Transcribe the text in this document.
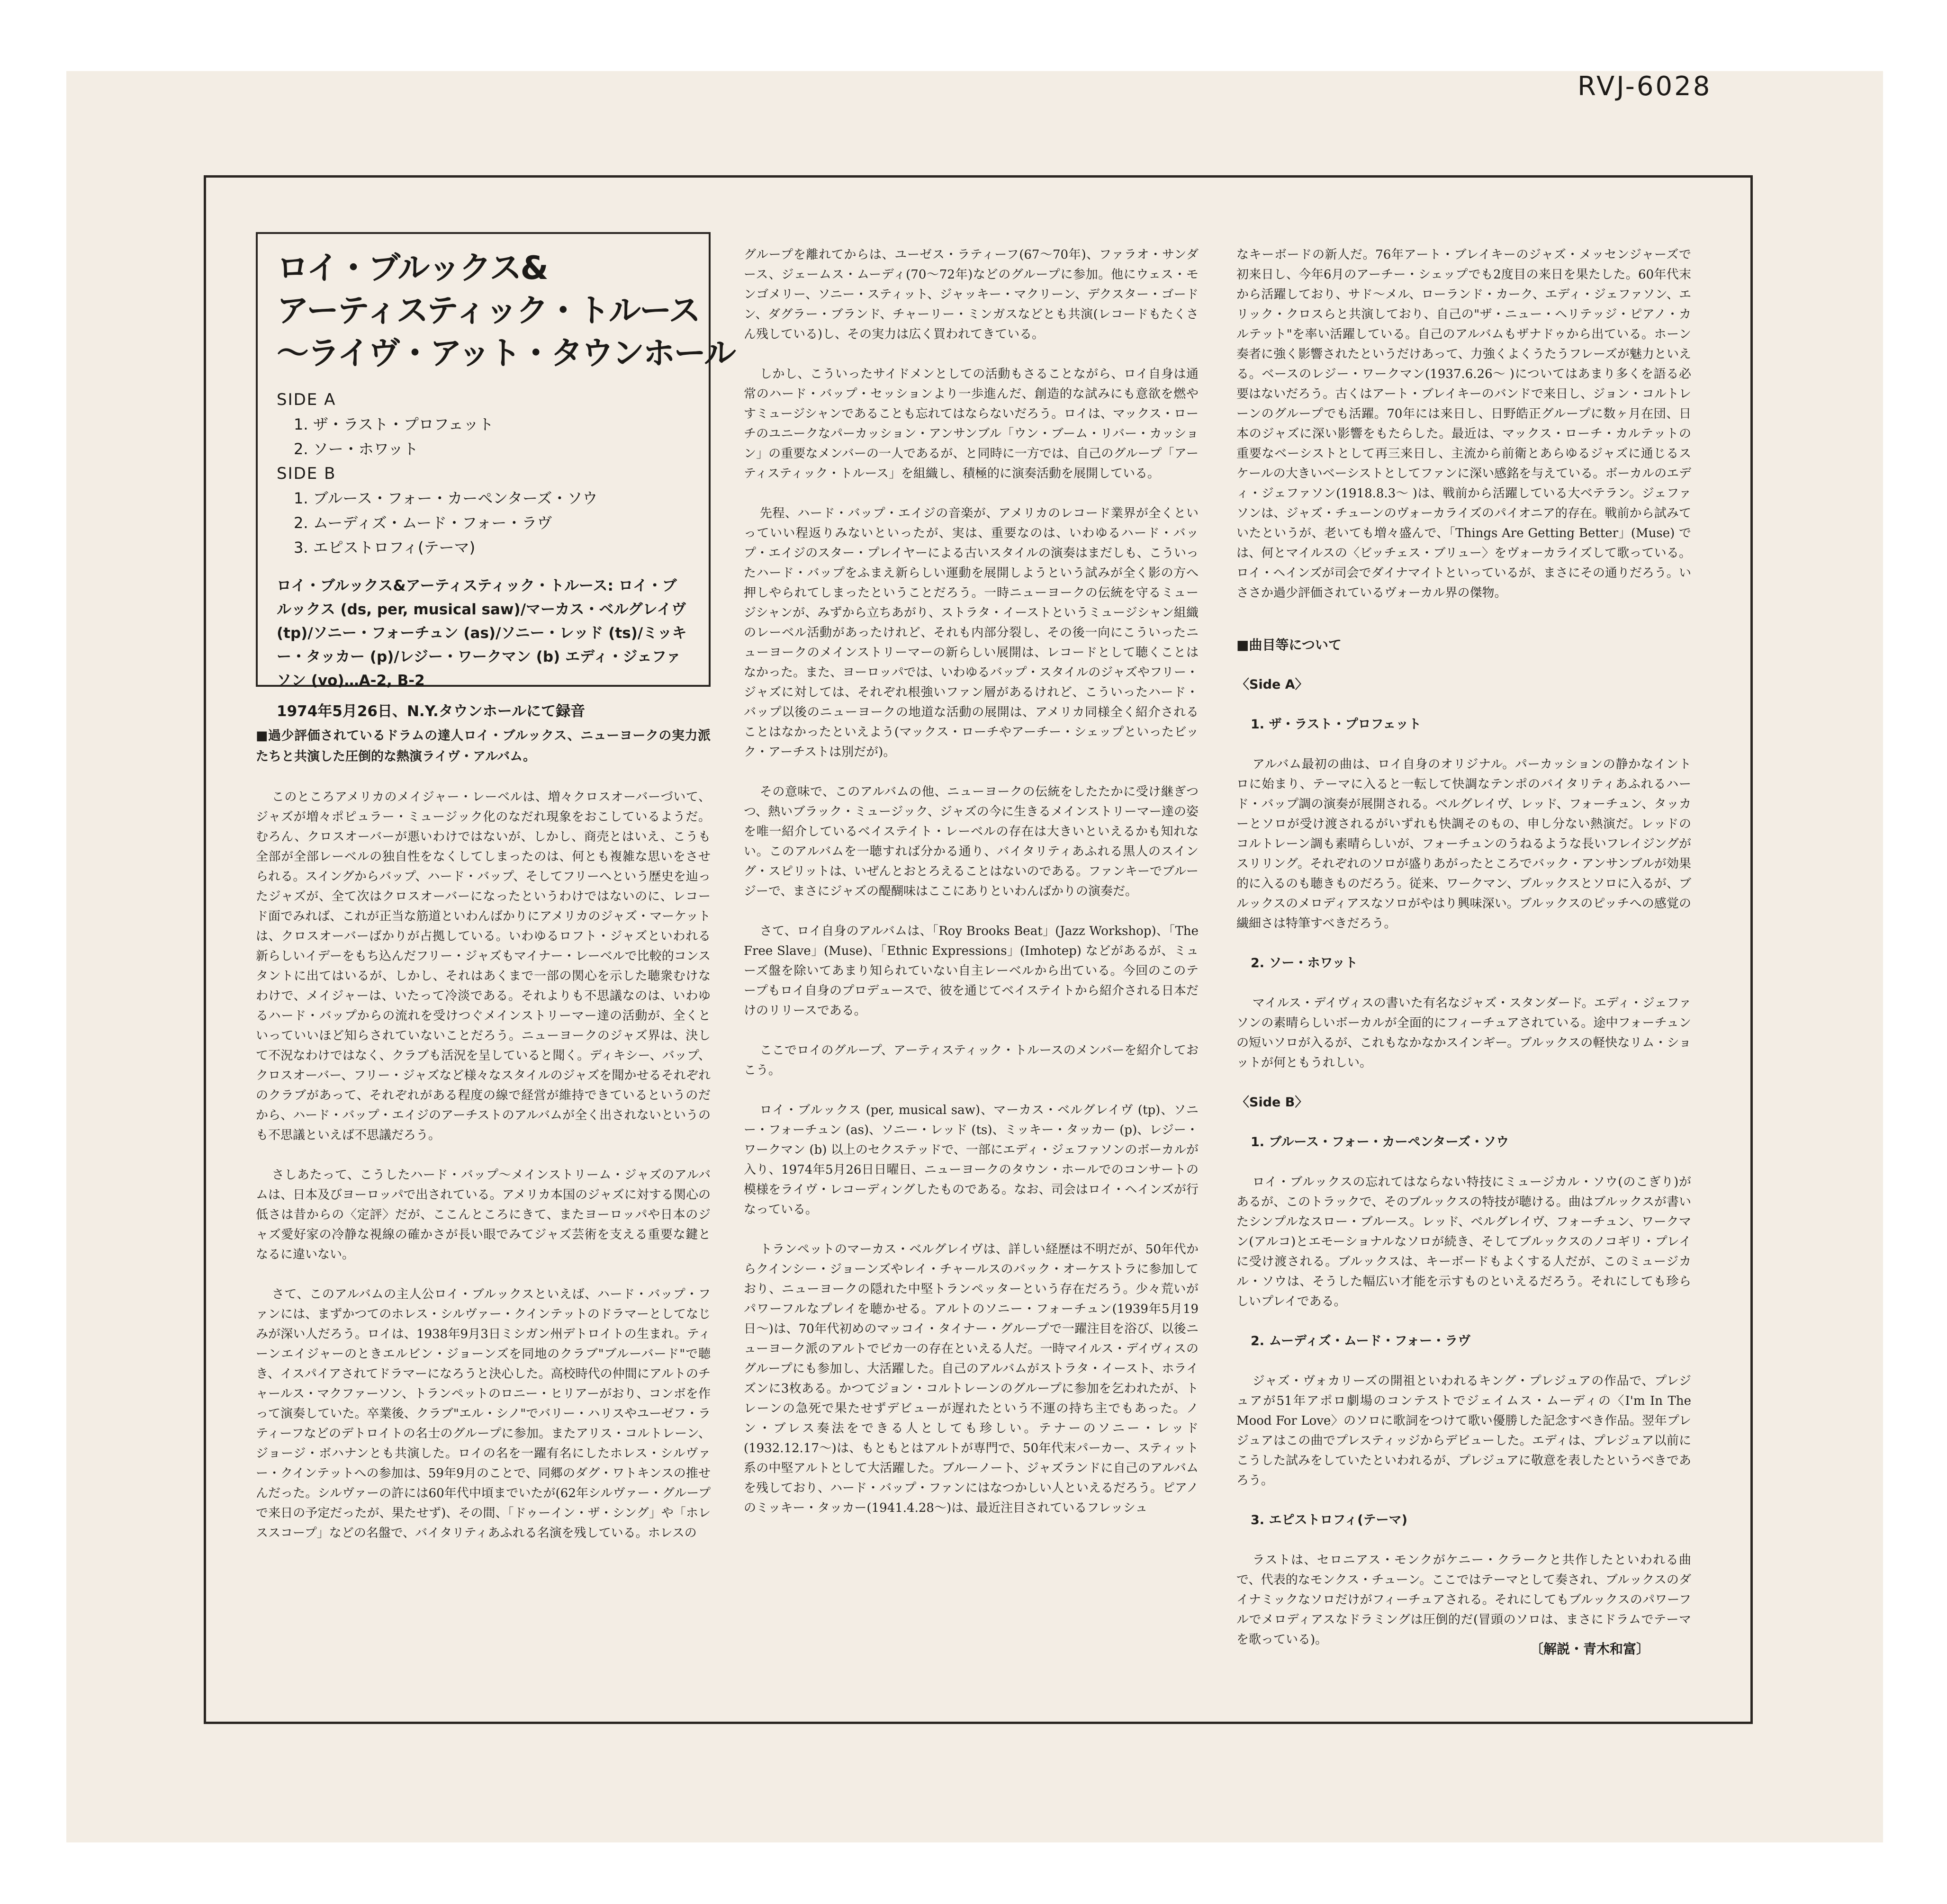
RVJ-6028
ロイ・ブルックス&
アーティスティック・トルース
〜ライヴ・アット・タウンホール
SIDE A
1. ザ・ラスト・プロフェット
2. ソー・ホワット
SIDE B
1. ブルース・フォー・カーペンターズ・ソウ
2. ムーディズ・ムード・フォー・ラヴ
3. エピストロフィ(テーマ)
ロイ・ブルックス&アーティスティック・トルース: ロイ・ブルックス (ds, per, musical saw)/マーカス・ベルグレイヴ (tp)/ソニー・フォーチュン (as)/ソニー・レッド (ts)/ミッキー・タッカー (p)/レジー・ワークマン (b) エディ・ジェファソン (vo)…A-2, B-2
1974年5月26日、N.Y.タウンホールにて録音

■過少評価されているドラムの達人ロイ・ブルックス、ニューヨークの実力派たちと共演した圧倒的な熱演ライヴ・アルバム。

このところアメリカのメイジャー・レーベルは、増々クロスオーバーづいて、ジャズが増々ポピュラー・ミュージック化のなだれ現象をおこしているようだ。むろん、クロスオーバーが悪いわけではないが、しかし、商売とはいえ、こうも全部が全部レーベルの独自性をなくしてしまったのは、何とも複雑な思いをさせられる。スイングからバップ、ハード・バップ、そしてフリーへという歴史を辿ったジャズが、全て次はクロスオーバーになったというわけではないのに、レコード面でみれば、これが正当な筋道といわんばかりにアメリカのジャズ・マーケットは、クロスオーバーばかりが占拠している。いわゆるロフト・ジャズといわれる新らしいイデーをもち込んだフリー・ジャズもマイナー・レーベルで比較的コンスタントに出てはいるが、しかし、それはあくまで一部の関心を示した聴衆むけなわけで、メイジャーは、いたって冷淡である。それよりも不思議なのは、いわゆるハード・バップからの流れを受けつぐメインストリーマー達の活動が、全くといっていいほど知らされていないことだろう。ニューヨークのジャズ界は、決して不況なわけではなく、クラブも活況を呈していると聞く。ディキシー、バップ、クロスオーバー、フリー・ジャズなど様々なスタイルのジャズを聞かせるそれぞれのクラブがあって、それぞれがある程度の線で経営が維持できているというのだから、ハード・バップ・エイジのアーチストのアルバムが全く出されないというのも不思議といえば不思議だろう。

さしあたって、こうしたハード・バップ〜メインストリーム・ジャズのアルバムは、日本及びヨーロッパで出されている。アメリカ本国のジャズに対する関心の低さは昔からの〈定評〉だが、ここんところにきて、またヨーロッパや日本のジャズ愛好家の冷静な視線の確かさが長い眼でみてジャズ芸術を支える重要な鍵となるに違いない。

さて、このアルバムの主人公ロイ・ブルックスといえば、ハード・バップ・ファンには、まずかつてのホレス・シルヴァー・クインテットのドラマーとしてなじみが深い人だろう。ロイは、1938年9月3日ミシガン州デトロイトの生まれ。ティーンエイジャーのときエルビン・ジョーンズを同地のクラブ"ブルーバード"で聴き、イスパイアされてドラマーになろうと決心した。高校時代の仲間にアルトのチャールス・マクファーソン、トランペットのロニー・ヒリアーがおり、コンボを作って演奏していた。卒業後、クラブ"エル・シノ"でバリー・ハリスやユーゼフ・ラティーフなどのデトロイトの名士のグループに参加。またアリス・コルトレーン、ジョージ・ボハナンとも共演した。ロイの名を一躍有名にしたホレス・シルヴァー・クインテットへの参加は、59年9月のことで、同郷のダグ・ワトキンスの推せんだった。シルヴァーの許には60年代中頃までいたが(62年シルヴァー・グループで来日の予定だったが、果たせず)、その間、「ドゥーイン・ザ・シング」や「ホレススコープ」などの名盤で、バイタリティあふれる名演を残している。ホレスの

グループを離れてからは、ユーゼス・ラティーフ(67〜70年)、ファラオ・サンダース、ジェームス・ムーディ(70〜72年)などのグループに参加。他にウェス・モンゴメリー、ソニー・スティット、ジャッキー・マクリーン、デクスター・ゴードン、ダグラー・ブランド、チャーリー・ミンガスなどとも共演(レコードもたくさん残している)し、その実力は広く買われてきている。

しかし、こういったサイドメンとしての活動もさることながら、ロイ自身は通常のハード・バップ・セッションより一歩進んだ、創造的な試みにも意欲を燃やすミュージシャンであることも忘れてはならないだろう。ロイは、マックス・ローチのユニークなパーカッション・アンサンブル「ウン・ブーム・リバー・カッション」の重要なメンバーの一人であるが、と同時に一方では、自己のグループ「アーティスティック・トルース」を組織し、積極的に演奏活動を展開している。

先程、ハード・バップ・エイジの音楽が、アメリカのレコード業界が全くといっていい程返りみないといったが、実は、重要なのは、いわゆるハード・バップ・エイジのスター・プレイヤーによる古いスタイルの演奏はまだしも、こういったハード・バップをふまえ新らしい運動を展開しようという試みが全く影の方へ押しやられてしまったということだろう。一時ニューヨークの伝統を守るミュージシャンが、みずから立ちあがり、ストラタ・イーストというミュージシャン組織のレーベル活動があったけれど、それも内部分裂し、その後一向にこういったニューヨークのメインストリーマーの新らしい展開は、レコードとして聴くことはなかった。また、ヨーロッパでは、いわゆるバップ・スタイルのジャズやフリー・ジャズに対しては、それぞれ根強いファン層があるけれど、こういったハード・バップ以後のニューヨークの地道な活動の展開は、アメリカ同様全く紹介されることはなかったといえよう(マックス・ローチやアーチー・シェップといったビック・アーチストは別だが)。

その意味で、このアルバムの他、ニューヨークの伝統をしたたかに受け継ぎつつ、熱いブラック・ミュージック、ジャズの今に生きるメインストリーマー達の姿を唯一紹介しているベイステイト・レーベルの存在は大きいといえるかも知れない。このアルバムを一聴すれば分かる通り、バイタリティあふれる黒人のスイング・スピリットは、いぜんとおとろえることはないのである。ファンキーでブルージーで、まさにジャズの醍醐味はここにありといわんばかりの演奏だ。

さて、ロイ自身のアルバムは、「Roy Brooks Beat」(Jazz Workshop)、「The Free Slave」(Muse)、「Ethnic Expressions」(Imhotep) などがあるが、ミューズ盤を除いてあまり知られていない自主レーベルから出ている。今回のこのテープもロイ自身のプロデュースで、彼を通じてベイステイトから紹介される日本だけのリリースである。

ここでロイのグループ、アーティスティック・トルースのメンバーを紹介しておこう。

ロイ・ブルックス (per, musical saw)、マーカス・ベルグレイヴ (tp)、ソニー・フォーチュン (as)、ソニー・レッド (ts)、ミッキー・タッカー (p)、レジー・ワークマン (b) 以上のセクステッドで、一部にエディ・ジェファソンのボーカルが入り、1974年5月26日日曜日、ニューヨークのタウン・ホールでのコンサートの模様をライヴ・レコーディングしたものである。なお、司会はロイ・ヘインズが行なっている。

トランペットのマーカス・ベルグレイヴは、詳しい経歴は不明だが、50年代からクインシー・ジョーンズやレイ・チャールスのバック・オーケストラに参加しており、ニューヨークの隠れた中堅トランペッターという存在だろう。少々荒いがパワーフルなプレイを聴かせる。アルトのソニー・フォーチュン(1939年5月19日〜)は、70年代初めのマッコイ・タイナー・グループで一躍注目を浴び、以後ニューヨーク派のアルトでピカ一の存在といえる人だ。一時マイルス・デイヴィスのグループにも参加し、大活躍した。自己のアルバムがストラタ・イースト、ホライズンに3枚ある。かつてジョン・コルトレーンのグループに参加を乞われたが、トレーンの急死で果たせずデビューが遅れたという不運の持ち主でもあった。ノン・ブレス奏法をできる人としても珍しい。テナーのソニー・レッド(1932.12.17〜)は、もともとはアルトが専門で、50年代末パーカー、スティット系の中堅アルトとして大活躍した。ブルーノート、ジャズランドに自己のアルバムを残しており、ハード・バップ・ファンにはなつかしい人といえるだろう。ピアノのミッキー・タッカー(1941.4.28〜)は、最近注目されているフレッシュ

なキーボードの新人だ。76年アート・ブレイキーのジャズ・メッセンジャーズで初来日し、今年6月のアーチー・シェップでも2度目の来日を果たした。60年代末から活躍しており、サド〜メル、ローランド・カーク、エディ・ジェファソン、エリック・クロスらと共演しており、自己の"ザ・ニュー・ヘリテッジ・ピアノ・カルテット"を率い活躍している。自己のアルバムもザナドゥから出ている。ホーン奏者に強く影響されたというだけあって、力強くよくうたうフレーズが魅力といえる。ベースのレジー・ワークマン(1937.6.26〜 )についてはあまり多くを語る必要はないだろう。古くはアート・ブレイキーのバンドで来日し、ジョン・コルトレーンのグループでも活躍。70年には来日し、日野皓正グループに数ヶ月在団、日本のジャズに深い影響をもたらした。最近は、マックス・ローチ・カルテットの重要なベーシストとして再三来日し、主流から前衛とあらゆるジャズに通じるスケールの大きいベーシストとしてファンに深い感銘を与えている。ボーカルのエディ・ジェファソン(1918.8.3〜 )は、戦前から活躍している大ベテラン。ジェファソンは、ジャズ・チューンのヴォーカライズのパイオニア的存在。戦前から試みていたというが、老いても増々盛んで、「Things Are Getting Better」(Muse) では、何とマイルスの〈ビッチェス・ブリュー〉をヴォーカライズして歌っている。ロイ・ヘインズが司会でダイナマイトといっているが、まさにその通りだろう。いささか過少評価されているヴォーカル界の傑物。

■曲目等について

〈Side A〉

1. ザ・ラスト・プロフェット

アルバム最初の曲は、ロイ自身のオリジナル。パーカッションの静かなイントロに始まり、テーマに入ると一転して快調なテンポのバイタリティあふれるハード・バップ調の演奏が展開される。ベルグレイヴ、レッド、フォーチュン、タッカーとソロが受け渡されるがいずれも快調そのもの、申し分ない熱演だ。レッドのコルトレーン調も素晴らしいが、フォーチュンのうねるような長いフレイジングがスリリング。それぞれのソロが盛りあがったところでバック・アンサンブルが効果的に入るのも聴きものだろう。従来、ワークマン、ブルックスとソロに入るが、ブルックスのメロディアスなソロがやはり興味深い。ブルックスのピッチへの感覚の繊細さは特筆すべきだろう。

2. ソー・ホワット

マイルス・デイヴィスの書いた有名なジャズ・スタンダード。エディ・ジェファソンの素晴らしいボーカルが全面的にフィーチュアされている。途中フォーチュンの短いソロが入るが、これもなかなかスインギー。ブルックスの軽快なリム・ショットが何ともうれしい。

〈Side B〉

1. ブルース・フォー・カーペンターズ・ソウ

ロイ・ブルックスの忘れてはならない特技にミュージカル・ソウ(のこぎり)があるが、このトラックで、そのブルックスの特技が聴ける。曲はブルックスが書いたシンプルなスロー・ブルース。レッド、ベルグレイヴ、フォーチュン、ワークマン(アルコ)とエモーショナルなソロが続き、そしてブルックスのノコギリ・プレイに受け渡される。ブルックスは、キーボードもよくする人だが、このミュージカル・ソウは、そうした幅広い才能を示すものといえるだろう。それにしても珍らしいプレイである。

2. ムーディズ・ムード・フォー・ラヴ

ジャズ・ヴォカリーズの開祖といわれるキング・プレジュアの作品で、プレジュアが51年アポロ劇場のコンテストでジェイムス・ムーディの〈I'm In The Mood For Love〉のソロに歌詞をつけて歌い優勝した記念すべき作品。翌年プレジュアはこの曲でプレスティッジからデビューした。エディは、プレジュア以前にこうした試みをしていたといわれるが、プレジュアに敬意を表したというべきであろう。

3. エピストロフィ(テーマ)

ラストは、セロニアス・モンクがケニー・クラークと共作したといわれる曲で、代表的なモンクス・チューン。ここではテーマとして奏され、ブルックスのダイナミックなソロだけがフィーチュアされる。それにしてもブルックスのパワーフルでメロディアスなドラミングは圧倒的だ(冒頭のソロは、まさにドラムでテーマを歌っている)。

〔解説・青木和富〕
